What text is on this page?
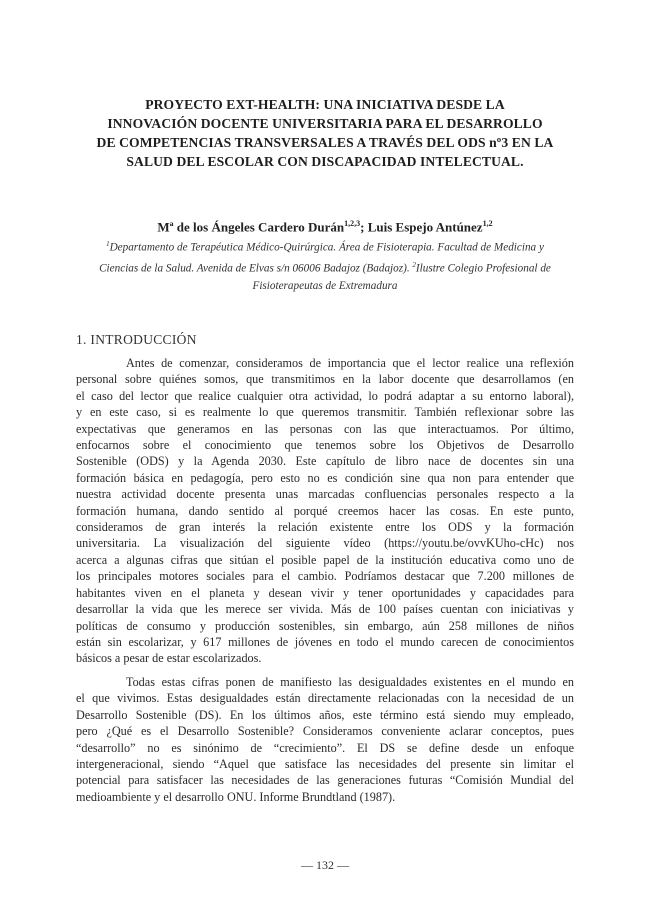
PROYECTO EXT-HEALTH: UNA INICIATIVA DESDE LA
INNOVACIÓN DOCENTE UNIVERSITARIA PARA EL DESARROLLO
DE COMPETENCIAS TRANSVERSALES A TRAVÉS DEL ODS nº3 EN LA
SALUD DEL ESCOLAR CON DISCAPACIDAD INTELECTUAL.
Mª de los Ángeles Cardero Durán$^{1,2,3}$; Luis Espejo Antúnez$^{1,2}$
$^1$Departamento de Terapéutica Médico-Quirúrgica. Área de Fisioterapia. Facultad de Medicina y
Ciencias de la Salud. Avenida de Elvas s/n 06006 Badajoz (Badajoz). $^2$Ilustre Colegio Profesional de
Fisioterapeutas de Extremadura
1. INTRODUCCIÓN
Antes de comenzar, consideramos de importancia que el lector realice una reflexión
personal sobre quiénes somos, que transmitimos en la labor docente que desarrollamos (en
el caso del lector que realice cualquier otra actividad, lo podrá adaptar a su entorno laboral),
y en este caso, si es realmente lo que queremos transmitir. También reflexionar sobre las
expectativas que generamos en las personas con las que interactuamos. Por último,
enfocarnos sobre el conocimiento que tenemos sobre los Objetivos de Desarrollo
Sostenible (ODS) y la Agenda 2030. Este capítulo de libro nace de docentes sin una
formación básica en pedagogía, pero esto no es condición sine qua non para entender que
nuestra actividad docente presenta unas marcadas confluencias personales respecto a la
formación humana, dando sentido al porqué creemos hacer las cosas. En este punto,
consideramos de gran interés la relación existente entre los ODS y la formación
universitaria. La visualización del siguiente vídeo (https://youtu.be/ovvKUho-cHc) nos
acerca a algunas cifras que sitúan el posible papel de la institución educativa como uno de
los principales motores sociales para el cambio. Podríamos destacar que 7.200 millones de
habitantes viven en el planeta y desean vivir y tener oportunidades y capacidades para
desarrollar la vida que les merece ser vivida. Más de 100 países cuentan con iniciativas y
políticas de consumo y producción sostenibles, sin embargo, aún 258 millones de niños
están sin escolarizar, y 617 millones de jóvenes en todo el mundo carecen de conocimientos
básicos a pesar de estar escolarizados.
Todas estas cifras ponen de manifiesto las desigualdades existentes en el mundo en
el que vivimos. Estas desigualdades están directamente relacionadas con la necesidad de un
Desarrollo Sostenible (DS). En los últimos años, este término está siendo muy empleado,
pero ¿Qué es el Desarrollo Sostenible? Consideramos conveniente aclarar conceptos, pues
“desarrollo” no es sinónimo de “crecimiento”. El DS se define desde un enfoque
intergeneracional, siendo “Aquel que satisface las necesidades del presente sin limitar el
potencial para satisfacer las necesidades de las generaciones futuras “Comisión Mundial del
medioambiente y el desarrollo ONU. Informe Brundtland (1987).
— 132 —
